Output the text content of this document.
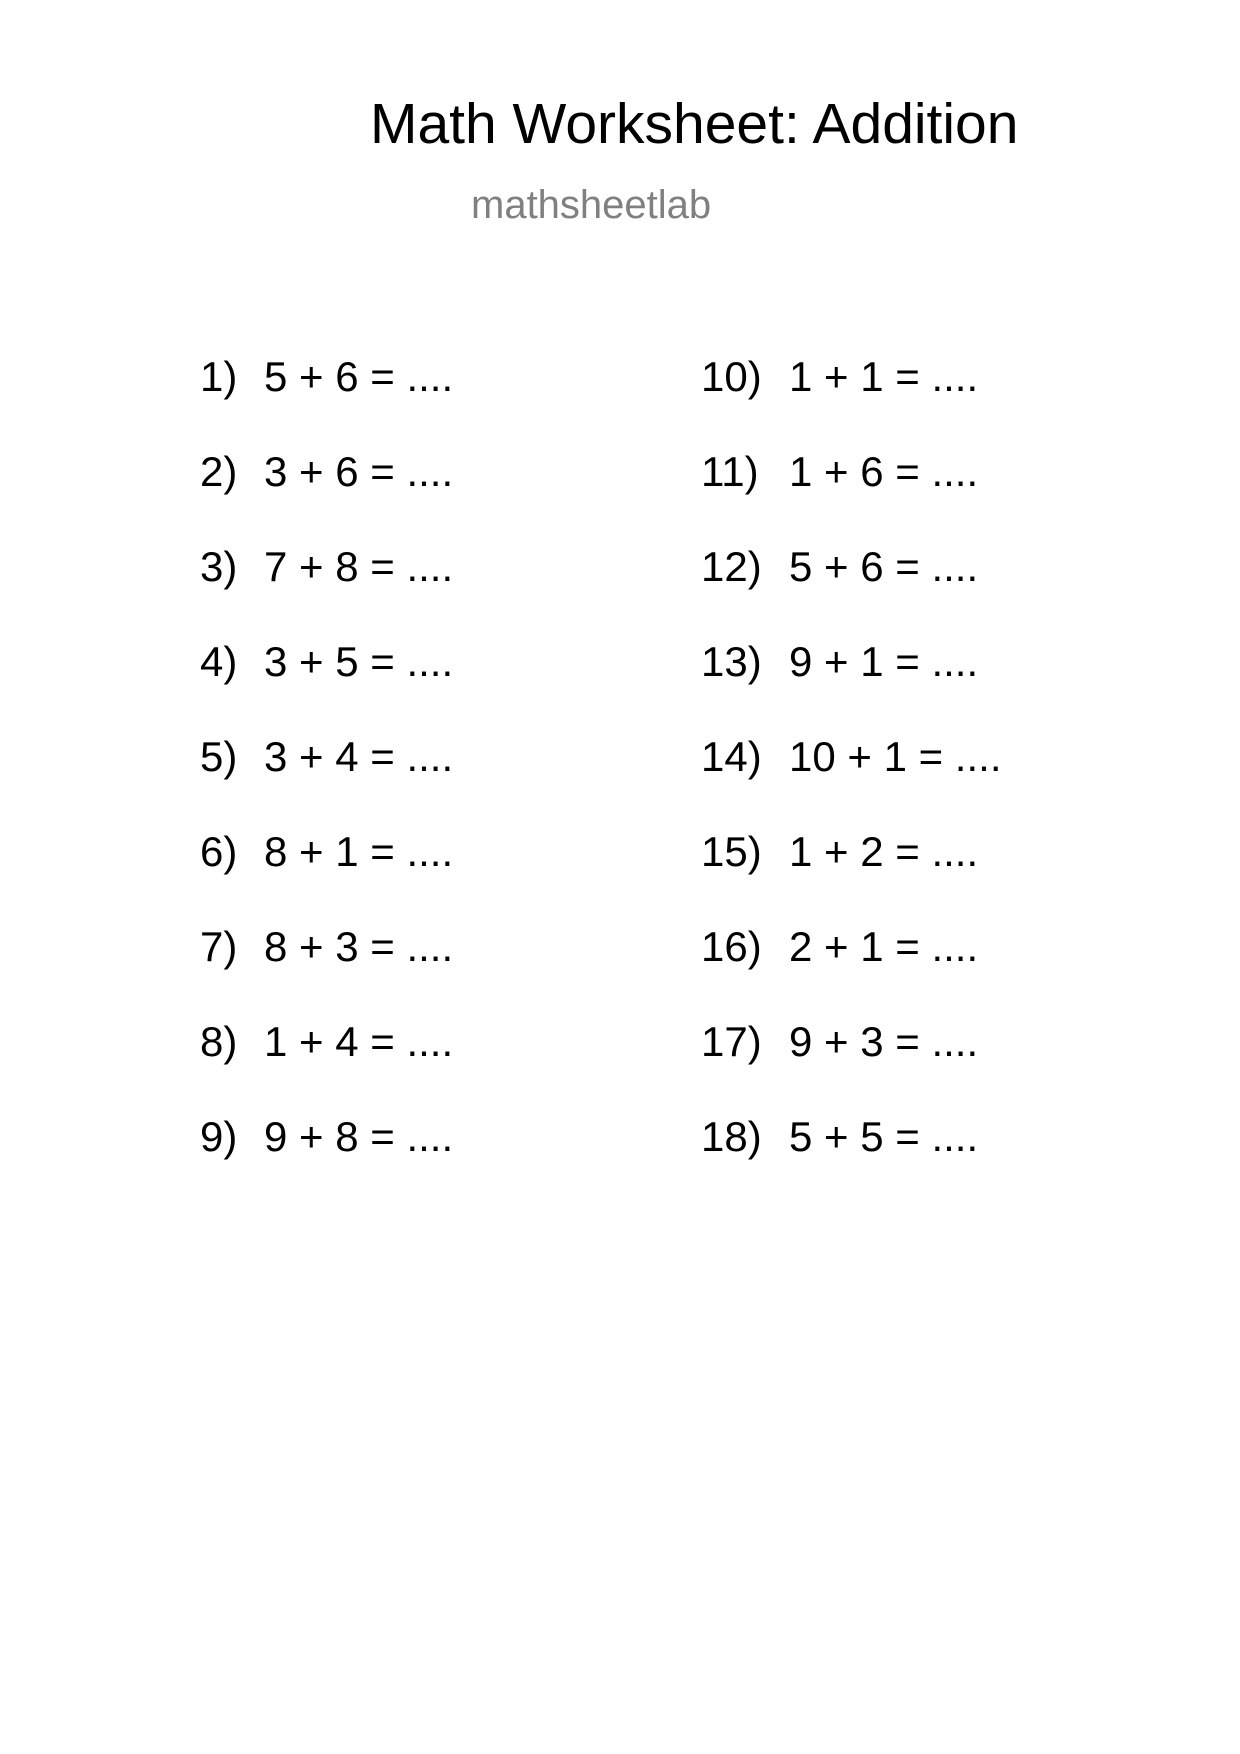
Math Worksheet: Addition
mathsheetlab
1) 5 + 6 = ....
2) 3 + 6 = ....
3) 7 + 8 = ....
4) 3 + 5 = ....
5) 3 + 4 = ....
6) 8 + 1 = ....
7) 8 + 3 = ....
8) 1 + 4 = ....
9) 9 + 8 = ....
10) 1 + 1 = ....
11) 1 + 6 = ....
12) 5 + 6 = ....
13) 9 + 1 = ....
14) 10 + 1 = ....
15) 1 + 2 = ....
16) 2 + 1 = ....
17) 9 + 3 = ....
18) 5 + 5 = ....
